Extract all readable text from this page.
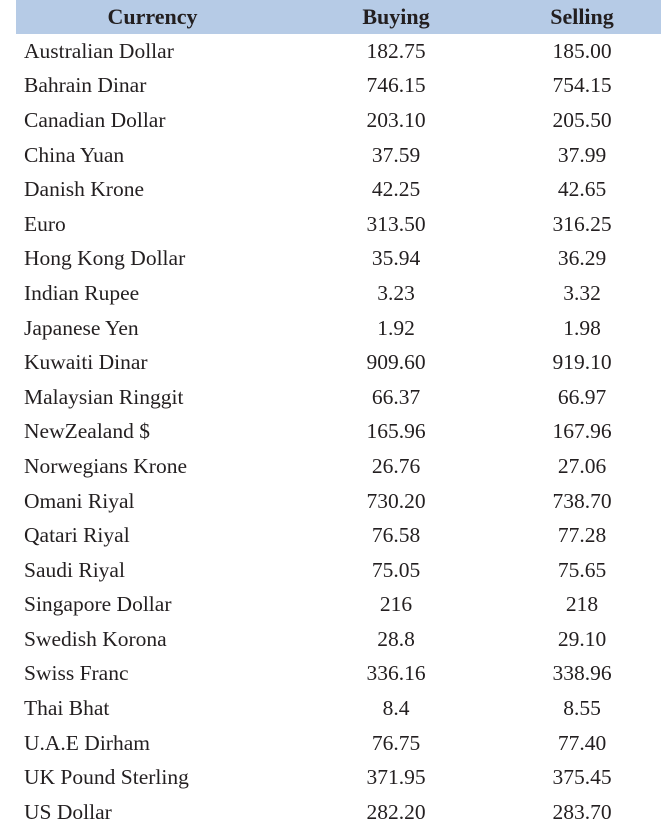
Currency	Buying	Selling
Australian Dollar	182.75	185.00
Bahrain Dinar	746.15	754.15
Canadian Dollar	203.10	205.50
China Yuan	37.59	37.99
Danish Krone	42.25	42.65
Euro	313.50	316.25
Hong Kong Dollar	35.94	36.29
Indian Rupee	3.23	3.32
Japanese Yen	1.92	1.98
Kuwaiti Dinar	909.60	919.10
Malaysian Ringgit	66.37	66.97
NewZealand $	165.96	167.96
Norwegians Krone	26.76	27.06
Omani Riyal	730.20	738.70
Qatari Riyal	76.58	77.28
Saudi Riyal	75.05	75.65
Singapore Dollar	216	218
Swedish Korona	28.8	29.10
Swiss Franc	336.16	338.96
Thai Bhat	8.4	8.55
U.A.E Dirham	76.75	77.40
UK Pound Sterling	371.95	375.45
US Dollar	282.20	283.70
